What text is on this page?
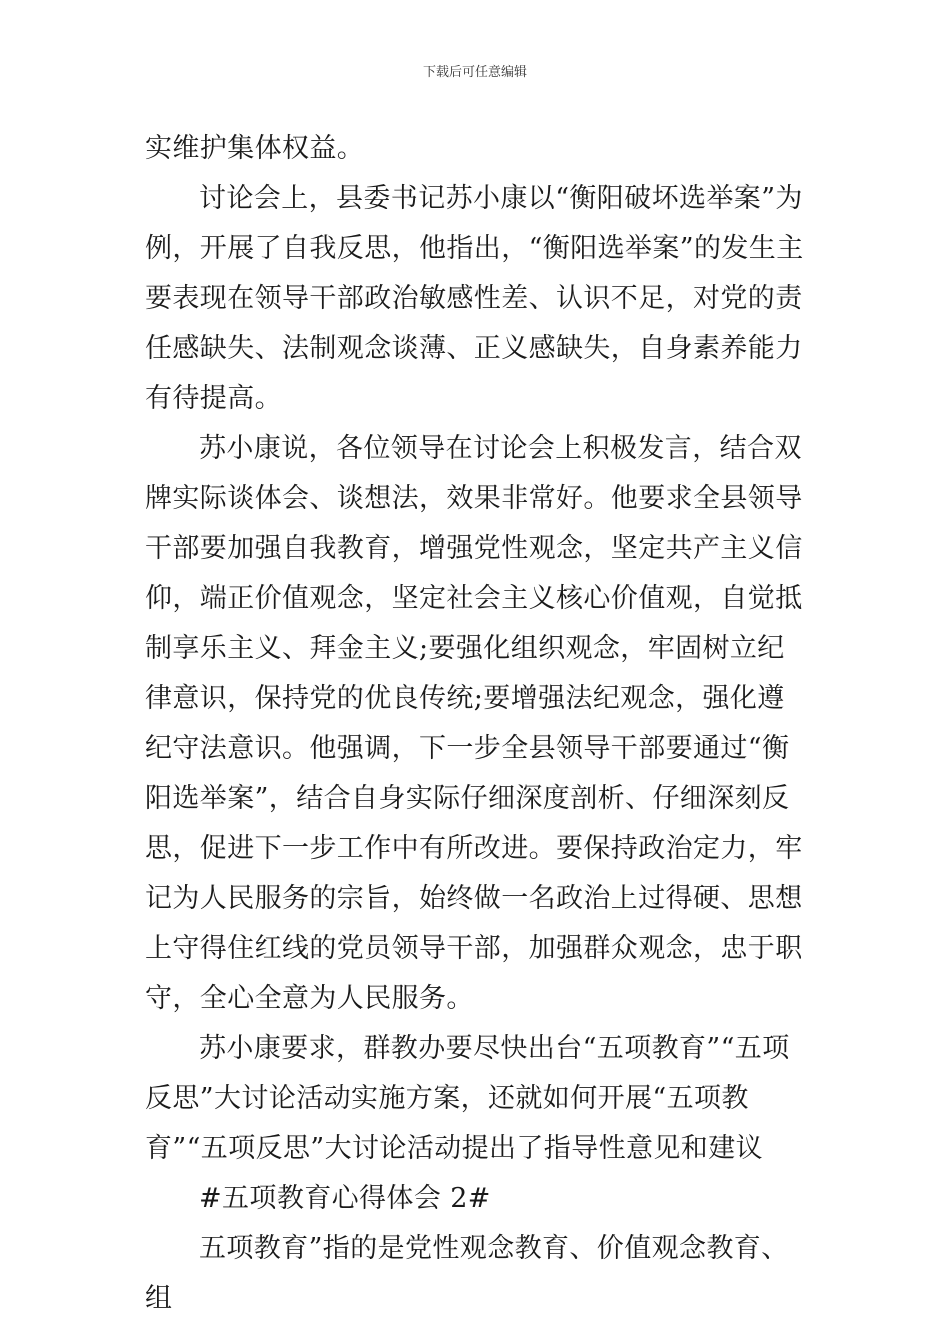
下载后可任意编辑

实维护集体权益。

讨论会上，县委书记苏小康以“衡阳破坏选举案”为例，开展了自我反思，他指出，“衡阳选举案”的发生主要表现在领导干部政治敏感性差、认识不足，对党的责任感缺失、法制观念谈薄、正义感缺失，自身素养能力有待提高。

苏小康说，各位领导在讨论会上积极发言，结合双牌实际谈体会、谈想法，效果非常好。他要求全县领导干部要加强自我教育，增强党性观念，坚定共产主义信仰，端正价值观念，坚定社会主义核心价值观，自觉抵制享乐主义、拜金主义;要强化组织观念，牢固树立纪律意识，保持党的优良传统;要增强法纪观念，强化遵纪守法意识。他强调，下一步全县领导干部要通过“衡阳选举案”，结合自身实际仔细深度剖析、仔细深刻反思，促进下一步工作中有所改进。要保持政治定力，牢记为人民服务的宗旨，始终做一名政治上过得硬、思想上守得住红线的党员领导干部，加强群众观念，忠于职守，全心全意为人民服务。

苏小康要求，群教办要尽快出台“五项教育”“五项反思”大讨论活动实施方案，还就如何开展“五项教育”“五项反思”大讨论活动提出了指导性意见和建议

#五项教育心得体会 2#

五项教育”指的是党性观念教育、价值观念教育、组
